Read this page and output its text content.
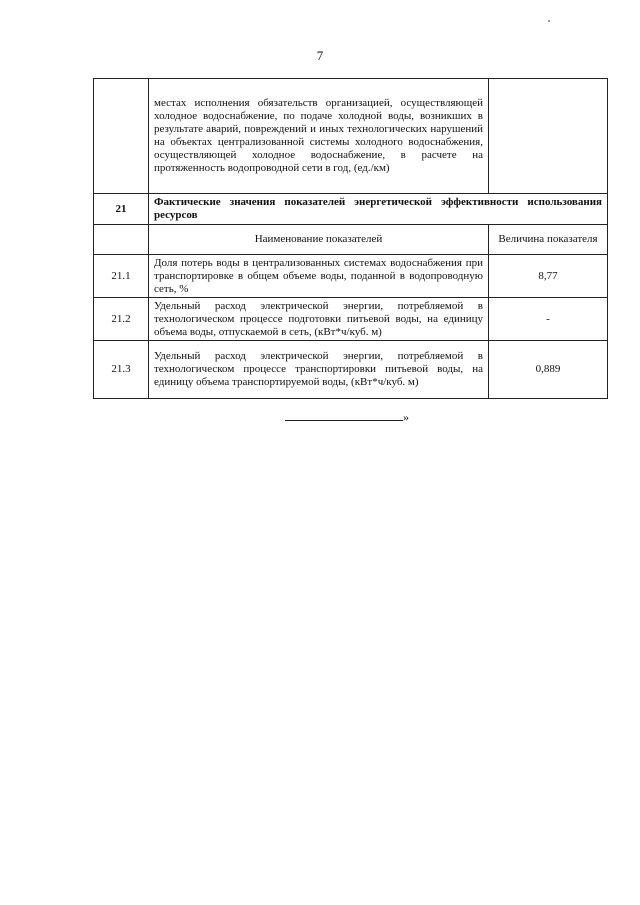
7
	местах исполнения обязательств организацией, осуществляющей холодное водоснабжение, по подаче холодной воды, возникших в результате аварий, повреждений и иных технологических нарушений на объектах централизованной системы холодного водоснабжения, осуществляющей холодное водоснабжение, в расчете на протяженность водопроводной сети в год, (ед./км)	
21	Фактические значения показателей энергетической эффективности использования ресурсов	
	Наименование показателей	Величина показателя
21.1	Доля потерь воды в централизованных системах водоснабжения при транспортировке в общем объеме воды, поданной в водопроводную сеть, %	8,77
21.2	Удельный расход электрической энергии, потребляемой в технологическом процессе подготовки питьевой воды, на единицу объема воды, отпускаемой в сеть, (кВт*ч/куб. м)	-
21.3	Удельный расход электрической энергии, потребляемой в технологическом процессе транспортировки питьевой воды, на единицу объема транспортируемой воды, (кВт*ч/куб. м)	0,889
»
